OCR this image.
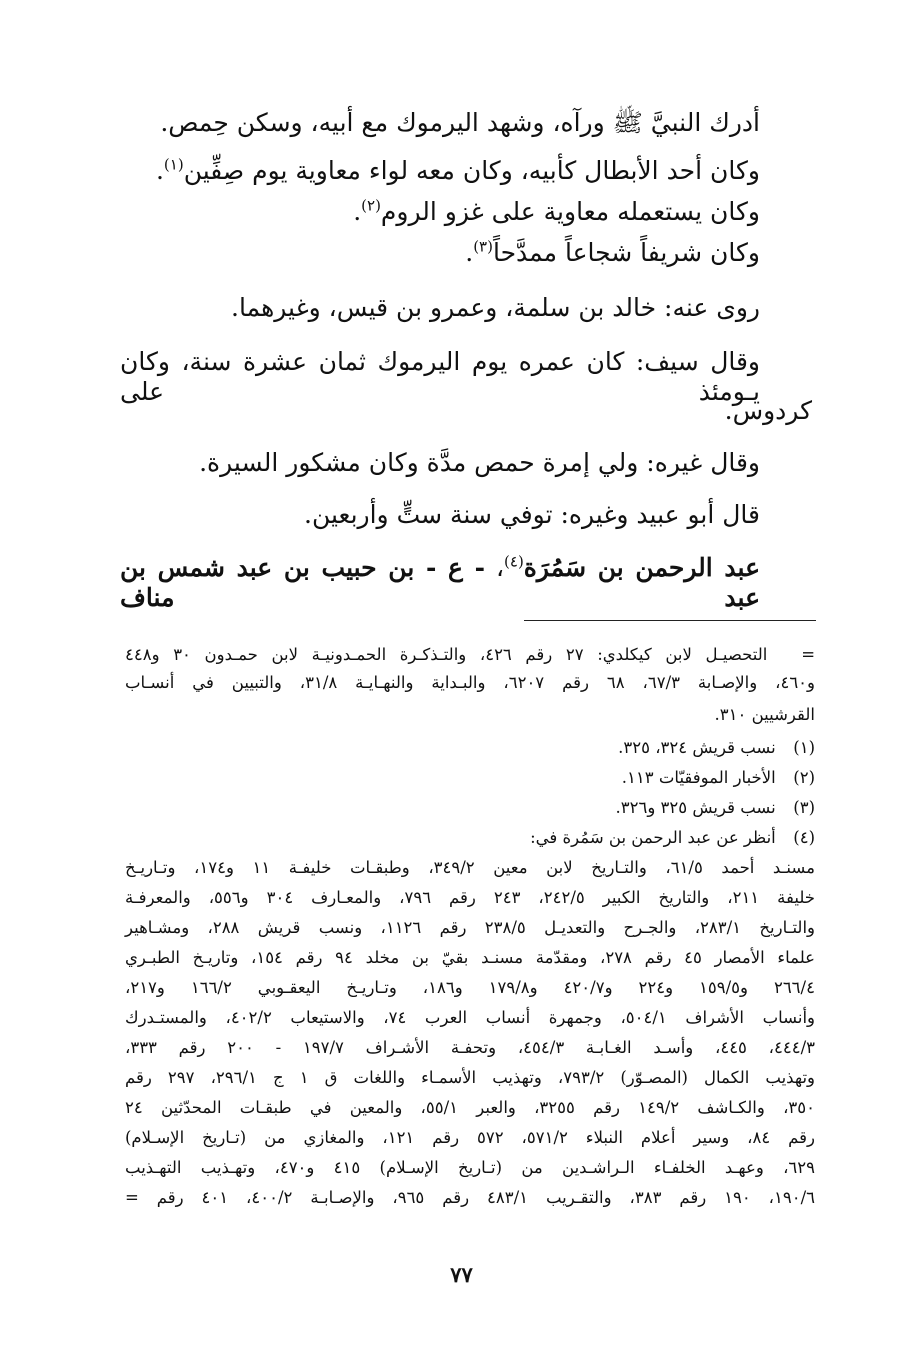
أدرك النبيَّ ﷺ ورآه، وشهد اليرموك مع أبيه، وسكن حِمص.
وكان أحد الأبطال كأبيه، وكان معه لواء معاوية يوم صِفِّين$^{(١)}$.
وكان يستعمله معاوية على غزو الروم$^{(٢)}$.
وكان شريفاً شجاعاً ممدَّحاً$^{(٣)}$.
روى عنه: خالد بن سلمة، وعمرو بن قيس، وغيرهما.
وقال سيف: كان عمره يوم اليرموك ثمان عشرة سنة، وكان يـومئذ على
كردوس.
وقال غيره: ولي إمرة حمص مدَّة وكان مشكور السيرة.
قال أبو عبيد وغيره: توفي سنة ستٍّ وأربعين.
عبد الرحمن بن سَمُرَة$^{(٤)}$، - ع - بن حبيب بن عبد شمس بن عبد مناف
= التحصيـل لابن كيكلدي: ٢٧ رقم ٤٢٦، والتـذكـرة الحمـدونيـة لابن حمـدون ٣٠ و٤٤٨
و٤٦٠، والإصـابة ٦٧/٣، ٦٨ رقم ٦٢٠٧، والبـداية والنهـايـة ٣١/٨، والتبيين في أنسـاب
القرشيين ٣١٠.
(١) نسب قريش ٣٢٤، ٣٢٥.
(٢) الأخبار الموفقيّات ١١٣.
(٣) نسب قريش ٣٢٥ و٣٢٦.
(٤) أنظر عن عبد الرحمن بن سَمُرة في:
مسنـد أحمد ٦١/٥، والتـاريخ لابن معين ٣٤٩/٢، وطبقـات خليفـة ١١ و١٧٤، وتـاريـخ
خليفة ٢١١، والتاريخ الكبير ٢٤٢/٥، ٢٤٣ رقم ٧٩٦، والمعـارف ٣٠٤ و٥٥٦، والمعرفـة
والتـاريخ ٢٨٣/١، والجـرح والتعديـل ٢٣٨/٥ رقم ١١٢٦، ونسب قريش ٢٨٨، ومشـاهير
علماء الأمصار ٤٥ رقم ٢٧٨، ومقدّمة مسنـد بقيّ بن مخلد ٩٤ رقم ١٥٤، وتاريـخ الطبـري
٢٦٦/٤ و١٥٩/٥ و٢٢٤ و٤٢٠/٧ و١٧٩/٨ و١٨٦، وتـاريـخ اليعقـوبي ١٦٦/٢ و٢١٧،
وأنساب الأشراف ٥٠٤/١، وجمهرة أنساب العرب ٧٤، والاستيعاب ٤٠٢/٢، والمستـدرك
٤٤٤/٣، ٤٤٥، وأسـد الغـابـة ٤٥٤/٣، وتحفـة الأشـراف ١٩٧/٧ - ٢٠٠ رقم ٣٣٣،
وتهذيب الكمال (المصـوّر) ٧٩٣/٢، وتهذيب الأسمـاء واللغات ق ١ ج ٢٩٦/١، ٢٩٧ رقم
٣٥٠، والكـاشف ١٤٩/٢ رقم ٣٢٥٥، والعبر ٥٥/١، والمعين في طبقـات المحدّثين ٢٤
رقم ٨٤، وسير أعلام النبلاء ٥٧١/٢، ٥٧٢ رقم ١٢١، والمغازي من (تـاريخ الإسـلام)
٦٢٩، وعهـد الخلفـاء الـراشـدين من (تـاريخ الإسـلام) ٤١٥ و٤٧٠، وتهـذيب التهـذيب
١٩٠/٦، ١٩٠ رقم ٣٨٣، والتقـريب ٤٨٣/١ رقم ٩٦٥، والإصـابـة ٤٠٠/٢، ٤٠١ رقم =
٧٧
